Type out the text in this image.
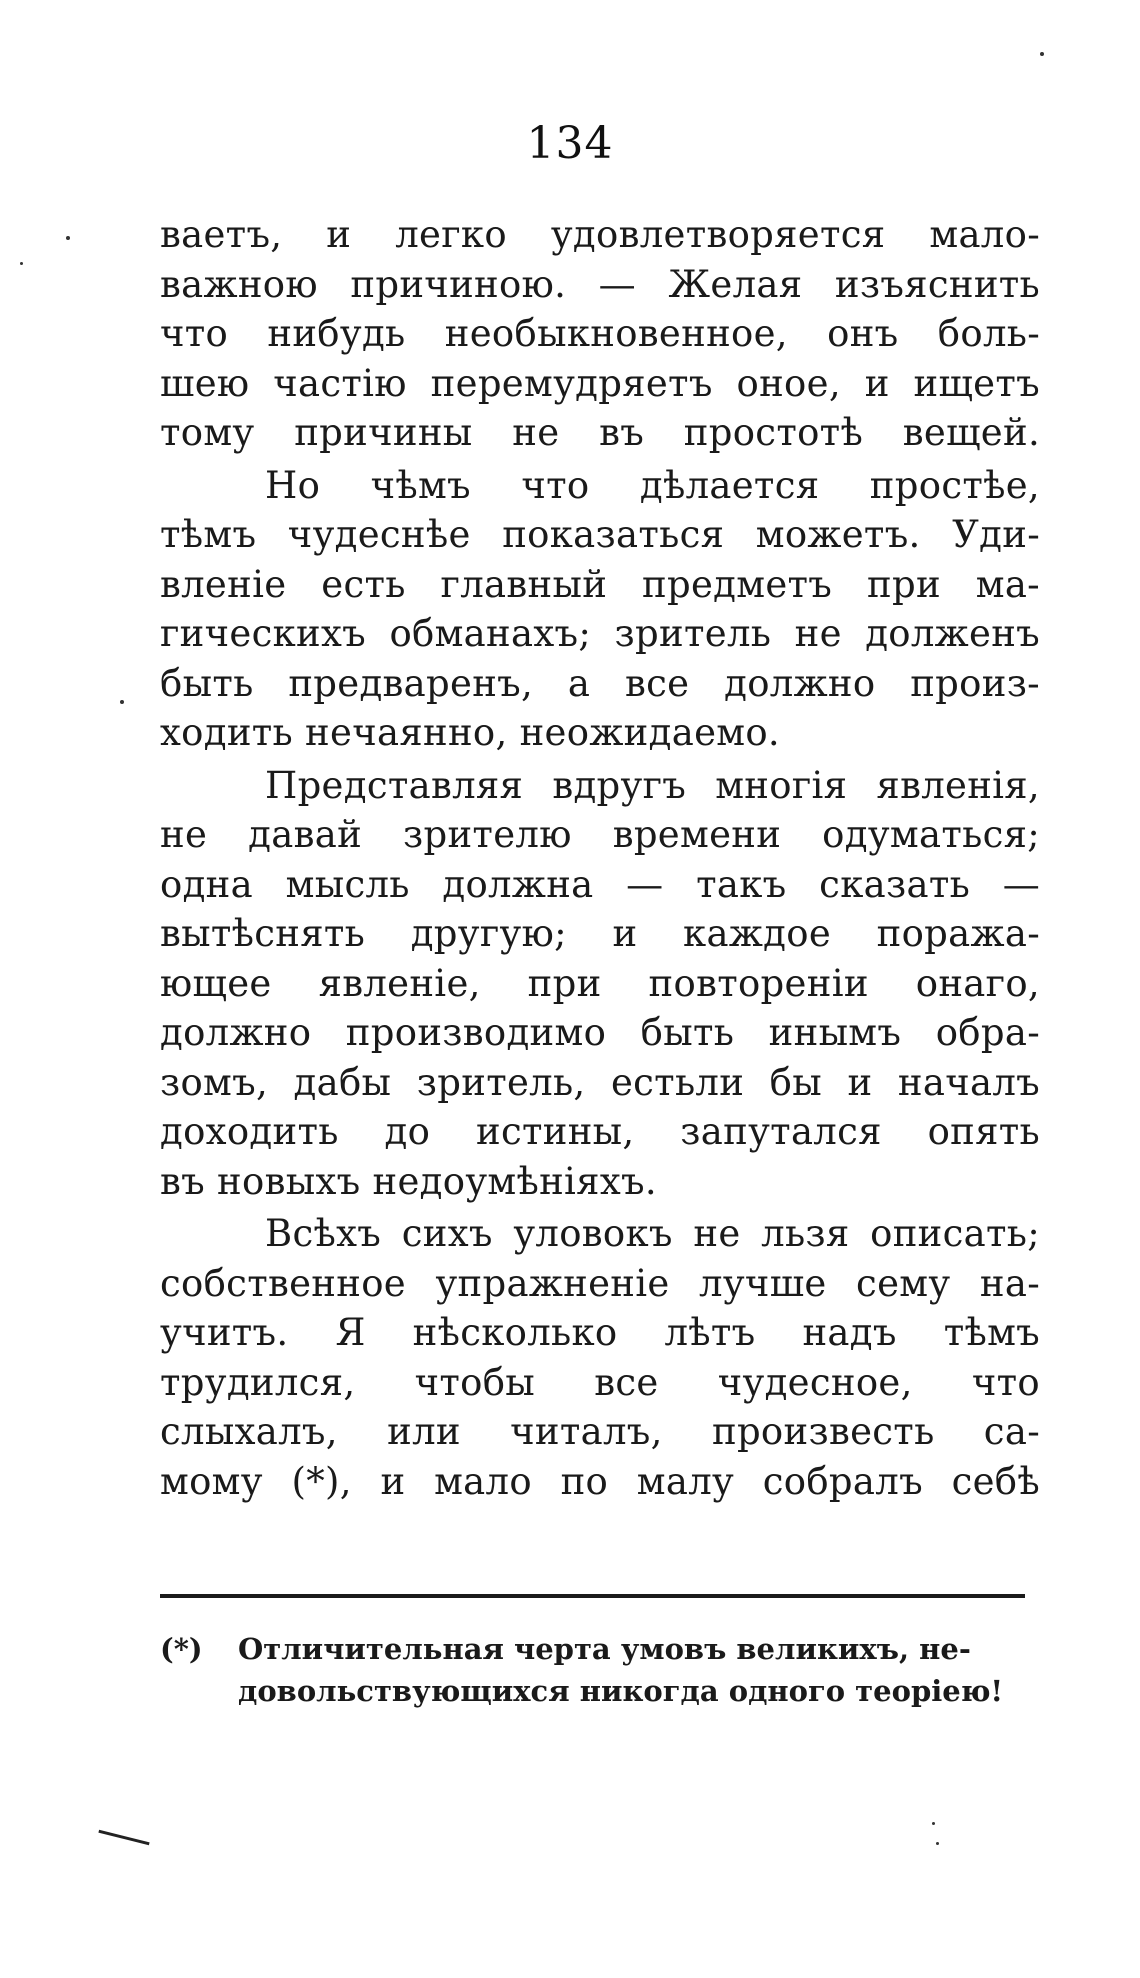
134
ваетъ, и легко удовлетворяется мало-
важною причиною. — Желая изъяснить
что нибудь необыкновенное, онъ боль-
шею частію перемудряетъ оное, и ищетъ
тому причины не въ простотѣ вещей.
Но чѣмъ что дѣлается простѣе,
тѣмъ чудеснѣе показаться можетъ. Уди-
вленіе есть главный предметъ при ма-
гическихъ обманахъ; зритель не долженъ
быть предваренъ, а все должно произ-
ходить нечаянно, неожидаемо.
Представляя вдругъ многія явленія,
не давай зрителю времени одуматься;
одна мысль должна — такъ сказать —
вытѣснять другую; и каждое поража-
ющее явленіе, при повтореніи онаго,
должно производимо быть инымъ обра-
зомъ, дабы зритель, естьли бы и началъ
доходить до истины, запутался опять
въ новыхъ недоумѣніяхъ.
Всѣхъ сихъ уловокъ не льзя описать;
собственное упражненіе лучше сему на-
учитъ. Я нѣсколько лѣтъ надъ тѣмъ
трудился, чтобы все чудесное, что
слыхалъ, или читалъ, произвесть са-
мому (*), и мало по малу собралъ себѣ
(*) Отличительная черта умовъ великихъ, не-
довольствующихся никогда одного теоріею!
